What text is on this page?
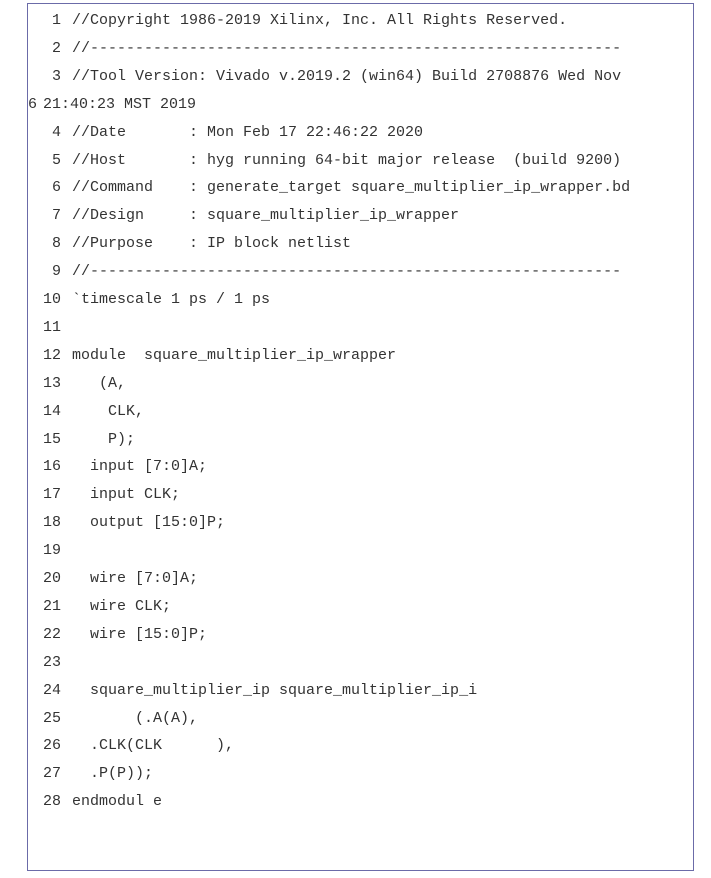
1 //Copyright 1986-2019 Xilinx, Inc. All Rights Reserved.
2 //-----------------------------------------------------------
3 //Tool Version: Vivado v.2019.2 (win64) Build 2708876 Wed Nov
6 21:40:23 MST 2019
4 //Date       : Mon Feb 17 22:46:22 2020
5 //Host       : hyg running 64-bit major release  (build 9200)
6 //Command    : generate_target square_multiplier_ip_wrapper.bd
7 //Design     : square_multiplier_ip_wrapper
8 //Purpose    : IP block netlist
9 //-----------------------------------------------------------
10 `timescale 1 ps / 1 ps
11
12 module  square_multiplier_ip_wrapper
13   (A,
14    CLK,
15    P);
16  input [7:0]A;
17  input CLK;
18  output [15:0]P;
19
20  wire [7:0]A;
21  wire CLK;
22  wire [15:0]P;
23
24  square_multiplier_ip square_multiplier_ip_i
25       (.A(A),
26  .CLK(CLK      ),
27  .P(P));
28 endmodul e
